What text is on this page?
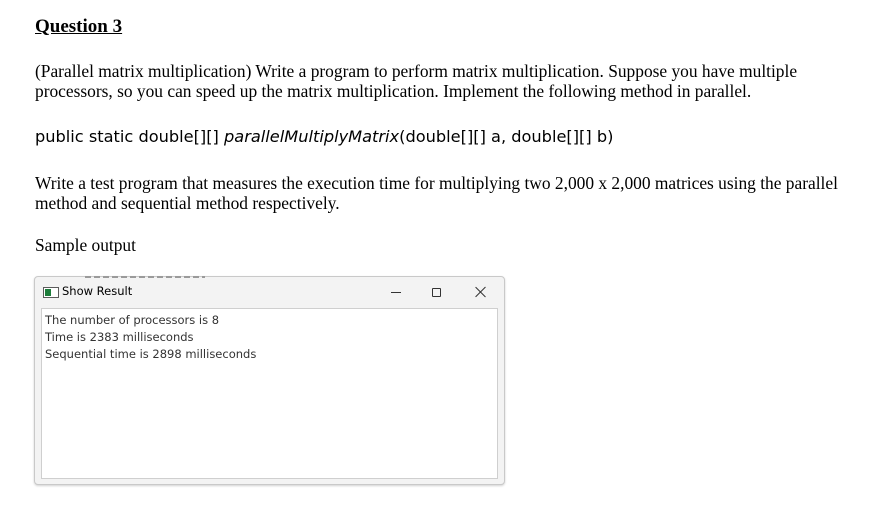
Question 3

(Parallel matrix multiplication) Write a program to perform matrix multiplication. Suppose you have multiple processors, so you can speed up the matrix multiplication. Implement the following method in parallel.

public static double[][] parallelMultiplyMatrix(double[][] a, double[][] b)

Write a test program that measures the execution time for multiplying two 2,000 x 2,000 matrices using the parallel method and sequential method respectively.

Sample output

Show Result
The number of processors is 8
Time is 2383 milliseconds
Sequential time is 2898 milliseconds
